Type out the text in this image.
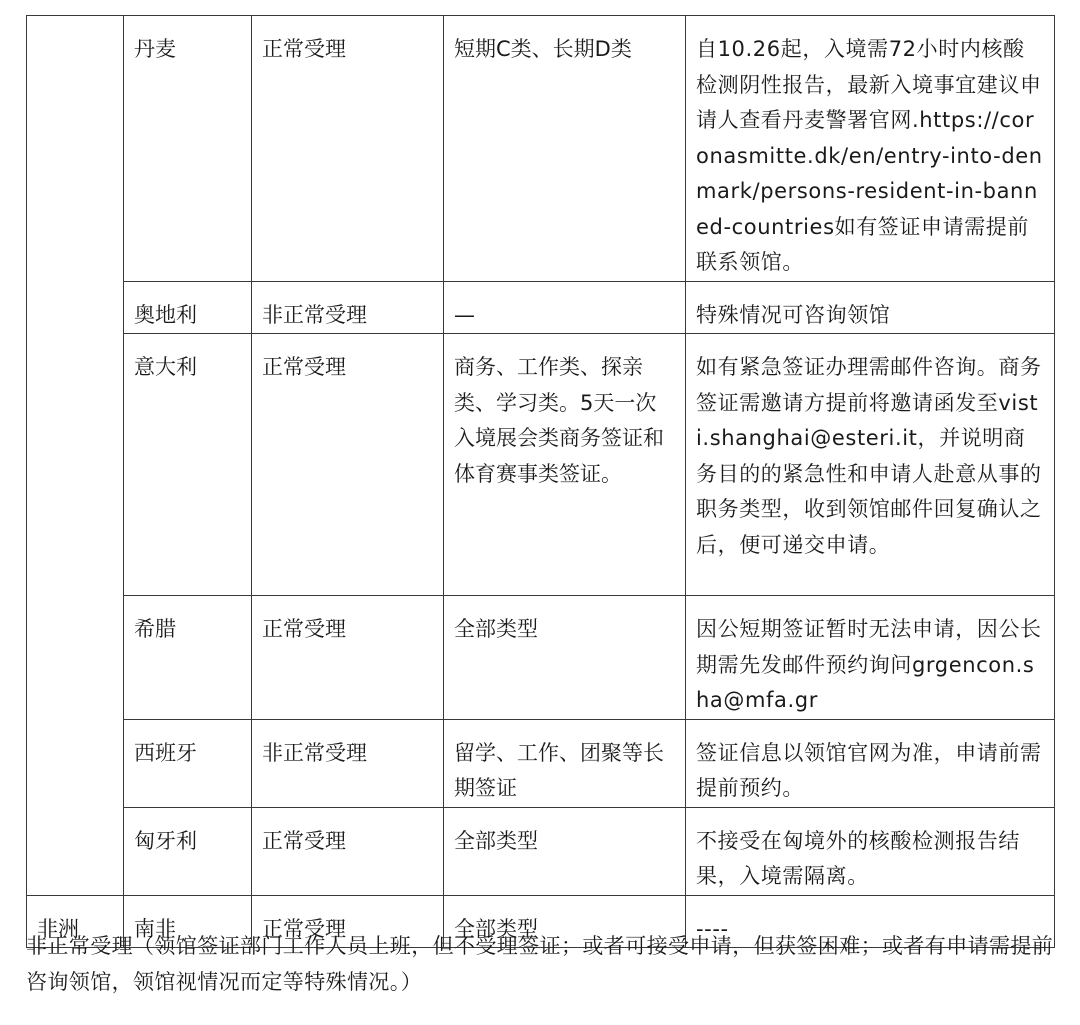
	丹麦	正常受理	短期C类、长期D类	自10.26起，入境需72小时内核酸检测阴性报告，最新入境事宜建议申请人查看丹麦警署官网.https://coronasmitte.dk/en/entry-into-denmark/persons-resident-in-banned-countries如有签证申请需提前联系领馆。
	奥地利	非正常受理	—	特殊情况可咨询领馆
	意大利	正常受理	商务、工作类、探亲类、学习类。5天一次入境展会类商务签证和体育赛事类签证。	如有紧急签证办理需邮件咨询。商务签证需邀请方提前将邀请函发至visti.shanghai@esteri.it，并说明商务目的的紧急性和申请人赴意从事的职务类型，收到领馆邮件回复确认之后，便可递交申请。
	希腊	正常受理	全部类型	因公短期签证暂时无法申请，因公长期需先发邮件预约询问grgencon.sha@mfa.gr
	西班牙	非正常受理	留学、工作、团聚等长期签证	签证信息以领馆官网为准，申请前需提前预约。
	匈牙利	正常受理	全部类型	不接受在匈境外的核酸检测报告结果，入境需隔离。
非洲	南非	正常受理	全部类型	----
非正常受理（领馆签证部门工作人员上班，但不受理签证；或者可接受申请，但获签困难；或者有申请需提前咨询领馆，领馆视情况而定等特殊情况。）
